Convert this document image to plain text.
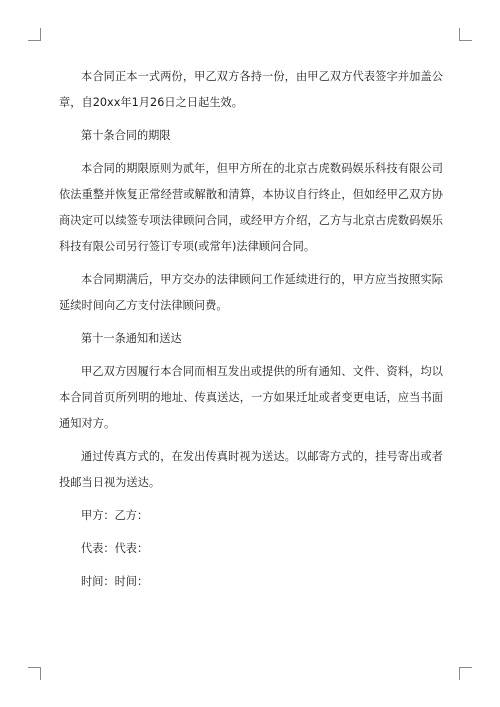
本合同正本一式两份，甲乙双方各持一份，由甲乙双方代表签字并加盖公章，自20xx年1月26日之日起生效。

第十条合同的期限

本合同的期限原则为贰年，但甲方所在的北京古虎数码娱乐科技有限公司依法重整并恢复正常经营或解散和清算，本协议自行终止，但如经甲乙双方协商决定可以续签专项法律顾问合同，或经甲方介绍，乙方与北京古虎数码娱乐科技有限公司另行签订专项(或常年)法律顾问合同。

本合同期满后，甲方交办的法律顾问工作延续进行的，甲方应当按照实际延续时间向乙方支付法律顾问费。

第十一条通知和送达

甲乙双方因履行本合同而相互发出或提供的所有通知、文件、资料，均以本合同首页所列明的地址、传真送达，一方如果迁址或者变更电话，应当书面通知对方。

通过传真方式的，在发出传真时视为送达。以邮寄方式的，挂号寄出或者投邮当日视为送达。

甲方：乙方：

代表：代表：

时间：时间：
